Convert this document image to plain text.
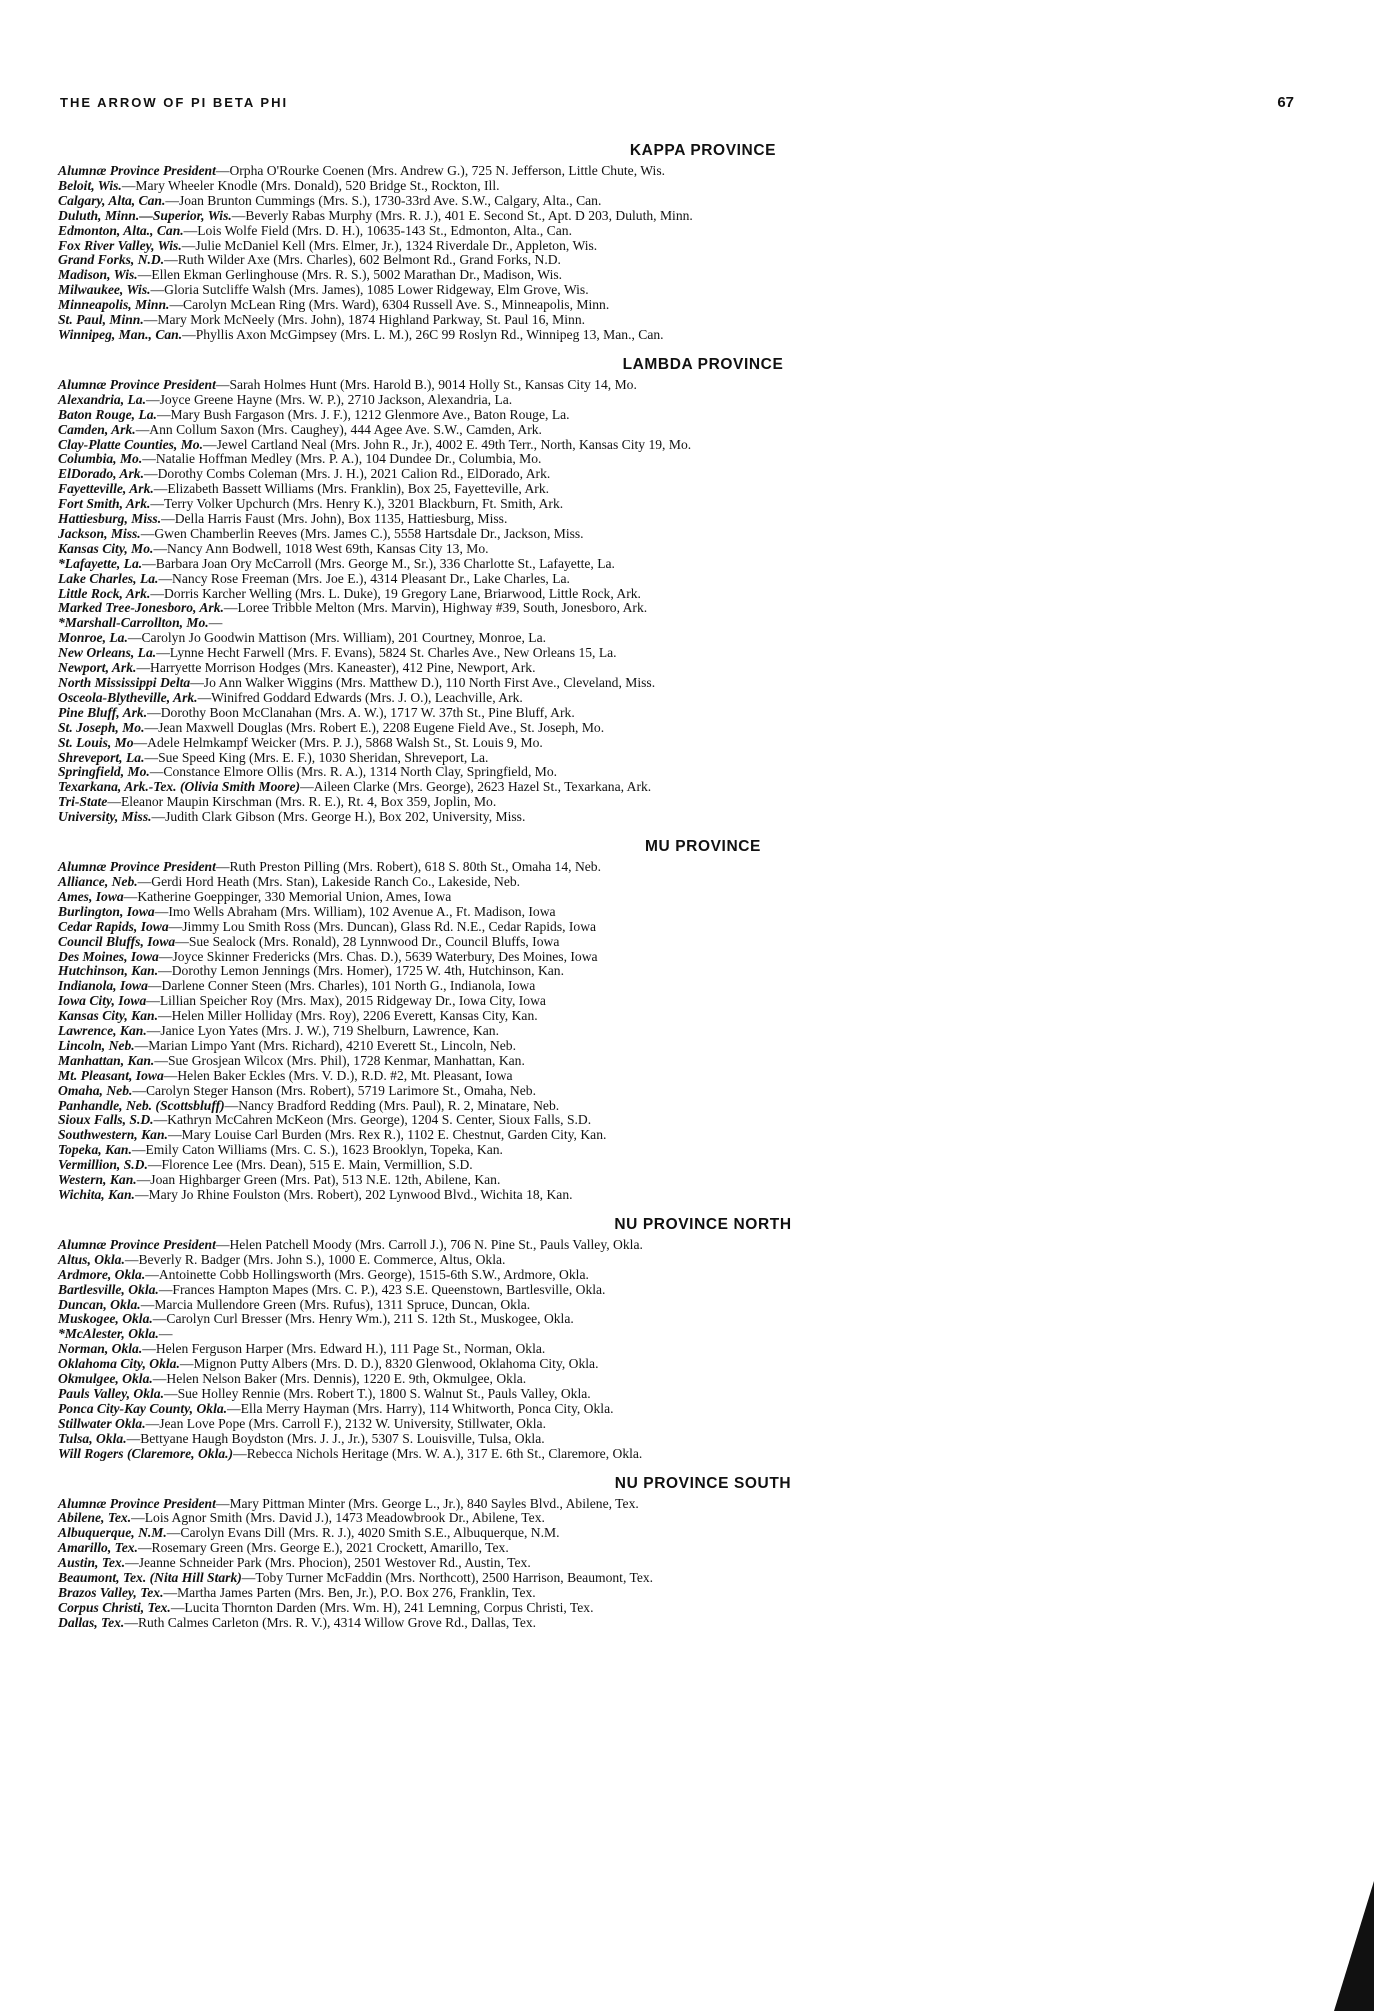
THE ARROW OF PI BETA PHI	67
KAPPA PROVINCE
Alumnæ Province President—Orpha O'Rourke Coenen (Mrs. Andrew G.), 725 N. Jefferson, Little Chute, Wis.
Beloit, Wis.—Mary Wheeler Knodle (Mrs. Donald), 520 Bridge St., Rockton, Ill.
Calgary, Alta, Can.—Joan Brunton Cummings (Mrs. S.), 1730-33rd Ave. S.W., Calgary, Alta., Can.
Duluth, Minn.—Superior, Wis.—Beverly Rabas Murphy (Mrs. R. J.), 401 E. Second St., Apt. D 203, Duluth, Minn.
Edmonton, Alta., Can.—Lois Wolfe Field (Mrs. D. H.), 10635-143 St., Edmonton, Alta., Can.
Fox River Valley, Wis.—Julie McDaniel Kell (Mrs. Elmer, Jr.), 1324 Riverdale Dr., Appleton, Wis.
Grand Forks, N.D.—Ruth Wilder Axe (Mrs. Charles), 602 Belmont Rd., Grand Forks, N.D.
Madison, Wis.—Ellen Ekman Gerlinghouse (Mrs. R. S.), 5002 Marathan Dr., Madison, Wis.
Milwaukee, Wis.—Gloria Sutcliffe Walsh (Mrs. James), 1085 Lower Ridgeway, Elm Grove, Wis.
Minneapolis, Minn.—Carolyn McLean Ring (Mrs. Ward), 6304 Russell Ave. S., Minneapolis, Minn.
St. Paul, Minn.—Mary Mork McNeely (Mrs. John), 1874 Highland Parkway, St. Paul 16, Minn.
Winnipeg, Man., Can.—Phyllis Axon McGimpsey (Mrs. L. M.), 26C 99 Roslyn Rd., Winnipeg 13, Man., Can.
LAMBDA PROVINCE
Alumnæ Province President—Sarah Holmes Hunt (Mrs. Harold B.), 9014 Holly St., Kansas City 14, Mo.
Alexandria, La.—Joyce Greene Hayne (Mrs. W. P.), 2710 Jackson, Alexandria, La.
Baton Rouge, La.—Mary Bush Fargason (Mrs. J. F.), 1212 Glenmore Ave., Baton Rouge, La.
Camden, Ark.—Ann Collum Saxon (Mrs. Caughey), 444 Agee Ave. S.W., Camden, Ark.
Clay-Platte Counties, Mo.—Jewel Cartland Neal (Mrs. John R., Jr.), 4002 E. 49th Terr., North, Kansas City 19, Mo.
Columbia, Mo.—Natalie Hoffman Medley (Mrs. P. A.), 104 Dundee Dr., Columbia, Mo.
ElDorado, Ark.—Dorothy Combs Coleman (Mrs. J. H.), 2021 Calion Rd., ElDorado, Ark.
Fayetteville, Ark.—Elizabeth Bassett Williams (Mrs. Franklin), Box 25, Fayetteville, Ark.
Fort Smith, Ark.—Terry Volker Upchurch (Mrs. Henry K.), 3201 Blackburn, Ft. Smith, Ark.
Hattiesburg, Miss.—Della Harris Faust (Mrs. John), Box 1135, Hattiesburg, Miss.
Jackson, Miss.—Gwen Chamberlin Reeves (Mrs. James C.), 5558 Hartsdale Dr., Jackson, Miss.
Kansas City, Mo.—Nancy Ann Bodwell, 1018 West 69th, Kansas City 13, Mo.
*Lafayette, La.—Barbara Joan Ory McCarroll (Mrs. George M., Sr.), 336 Charlotte St., Lafayette, La.
Lake Charles, La.—Nancy Rose Freeman (Mrs. Joe E.), 4314 Pleasant Dr., Lake Charles, La.
Little Rock, Ark.—Dorris Karcher Welling (Mrs. L. Duke), 19 Gregory Lane, Briarwood, Little Rock, Ark.
Marked Tree-Jonesboro, Ark.—Loree Tribble Melton (Mrs. Marvin), Highway #39, South, Jonesboro, Ark.
*Marshall-Carrollton, Mo.—
Monroe, La.—Carolyn Jo Goodwin Mattison (Mrs. William), 201 Courtney, Monroe, La.
New Orleans, La.—Lynne Hecht Farwell (Mrs. F. Evans), 5824 St. Charles Ave., New Orleans 15, La.
Newport, Ark.—Harryette Morrison Hodges (Mrs. Kaneaster), 412 Pine, Newport, Ark.
North Mississippi Delta—Jo Ann Walker Wiggins (Mrs. Matthew D.), 110 North First Ave., Cleveland, Miss.
Osceola-Blytheville, Ark.—Winifred Goddard Edwards (Mrs. J. O.), Leachville, Ark.
Pine Bluff, Ark.—Dorothy Boon McClanahan (Mrs. A. W.), 1717 W. 37th St., Pine Bluff, Ark.
St. Joseph, Mo.—Jean Maxwell Douglas (Mrs. Robert E.), 2208 Eugene Field Ave., St. Joseph, Mo.
St. Louis, Mo—Adele Helmkampf Weicker (Mrs. P. J.), 5868 Walsh St., St. Louis 9, Mo.
Shreveport, La.—Sue Speed King (Mrs. E. F.), 1030 Sheridan, Shreveport, La.
Springfield, Mo.—Constance Elmore Ollis (Mrs. R. A.), 1314 North Clay, Springfield, Mo.
Texarkana, Ark.-Tex. (Olivia Smith Moore)—Aileen Clarke (Mrs. George), 2623 Hazel St., Texarkana, Ark.
Tri-State—Eleanor Maupin Kirschman (Mrs. R. E.), Rt. 4, Box 359, Joplin, Mo.
University, Miss.—Judith Clark Gibson (Mrs. George H.), Box 202, University, Miss.
MU PROVINCE
Alumnæ Province President—Ruth Preston Pilling (Mrs. Robert), 618 S. 80th St., Omaha 14, Neb.
Alliance, Neb.—Gerdi Hord Heath (Mrs. Stan), Lakeside Ranch Co., Lakeside, Neb.
Ames, Iowa—Katherine Goeppinger, 330 Memorial Union, Ames, Iowa
Burlington, Iowa—Imo Wells Abraham (Mrs. William), 102 Avenue A., Ft. Madison, Iowa
Cedar Rapids, Iowa—Jimmy Lou Smith Ross (Mrs. Duncan), Glass Rd. N.E., Cedar Rapids, Iowa
Council Bluffs, Iowa—Sue Sealock (Mrs. Ronald), 28 Lynnwood Dr., Council Bluffs, Iowa
Des Moines, Iowa—Joyce Skinner Fredericks (Mrs. Chas. D.), 5639 Waterbury, Des Moines, Iowa
Hutchinson, Kan.—Dorothy Lemon Jennings (Mrs. Homer), 1725 W. 4th, Hutchinson, Kan.
Indianola, Iowa—Darlene Conner Steen (Mrs. Charles), 101 North G., Indianola, Iowa
Iowa City, Iowa—Lillian Speicher Roy (Mrs. Max), 2015 Ridgeway Dr., Iowa City, Iowa
Kansas City, Kan.—Helen Miller Holliday (Mrs. Roy), 2206 Everett, Kansas City, Kan.
Lawrence, Kan.—Janice Lyon Yates (Mrs. J. W.), 719 Shelburn, Lawrence, Kan.
Lincoln, Neb.—Marian Limpo Yant (Mrs. Richard), 4210 Everett St., Lincoln, Neb.
Manhattan, Kan.—Sue Grosjean Wilcox (Mrs. Phil), 1728 Kenmar, Manhattan, Kan.
Mt. Pleasant, Iowa—Helen Baker Eckles (Mrs. V. D.), R.D. #2, Mt. Pleasant, Iowa
Omaha, Neb.—Carolyn Steger Hanson (Mrs. Robert), 5719 Larimore St., Omaha, Neb.
Panhandle, Neb. (Scottsbluff)—Nancy Bradford Redding (Mrs. Paul), R. 2, Minatare, Neb.
Sioux Falls, S.D.—Kathryn McCahren McKeon (Mrs. George), 1204 S. Center, Sioux Falls, S.D.
Southwestern, Kan.—Mary Louise Carl Burden (Mrs. Rex R.), 1102 E. Chestnut, Garden City, Kan.
Topeka, Kan.—Emily Caton Williams (Mrs. C. S.), 1623 Brooklyn, Topeka, Kan.
Vermillion, S.D.—Florence Lee (Mrs. Dean), 515 E. Main, Vermillion, S.D.
Western, Kan.—Joan Highbarger Green (Mrs. Pat), 513 N.E. 12th, Abilene, Kan.
Wichita, Kan.—Mary Jo Rhine Foulston (Mrs. Robert), 202 Lynwood Blvd., Wichita 18, Kan.
NU PROVINCE NORTH
Alumnæ Province President—Helen Patchell Moody (Mrs. Carroll J.), 706 N. Pine St., Pauls Valley, Okla.
Altus, Okla.—Beverly R. Badger (Mrs. John S.), 1000 E. Commerce, Altus, Okla.
Ardmore, Okla.—Antoinette Cobb Hollingsworth (Mrs. George), 1515-6th S.W., Ardmore, Okla.
Bartlesville, Okla.—Frances Hampton Mapes (Mrs. C. P.), 423 S.E. Queenstown, Bartlesville, Okla.
Duncan, Okla.—Marcia Mullendore Green (Mrs. Rufus), 1311 Spruce, Duncan, Okla.
Muskogee, Okla.—Carolyn Curl Bresser (Mrs. Henry Wm.), 211 S. 12th St., Muskogee, Okla.
*McAlester, Okla.—
Norman, Okla.—Helen Ferguson Harper (Mrs. Edward H.), 111 Page St., Norman, Okla.
Oklahoma City, Okla.—Mignon Putty Albers (Mrs. D. D.), 8320 Glenwood, Oklahoma City, Okla.
Okmulgee, Okla.—Helen Nelson Baker (Mrs. Dennis), 1220 E. 9th, Okmulgee, Okla.
Pauls Valley, Okla.—Sue Holley Rennie (Mrs. Robert T.), 1800 S. Walnut St., Pauls Valley, Okla.
Ponca City-Kay County, Okla.—Ella Merry Hayman (Mrs. Harry), 114 Whitworth, Ponca City, Okla.
Stillwater Okla.—Jean Love Pope (Mrs. Carroll F.), 2132 W. University, Stillwater, Okla.
Tulsa, Okla.—Bettyane Haugh Boydston (Mrs. J. J., Jr.), 5307 S. Louisville, Tulsa, Okla.
Will Rogers (Claremore, Okla.)—Rebecca Nichols Heritage (Mrs. W. A.), 317 E. 6th St., Claremore, Okla.
NU PROVINCE SOUTH
Alumnæ Province President—Mary Pittman Minter (Mrs. George L., Jr.), 840 Sayles Blvd., Abilene, Tex.
Abilene, Tex.—Lois Agnor Smith (Mrs. David J.), 1473 Meadowbrook Dr., Abilene, Tex.
Albuquerque, N.M.—Carolyn Evans Dill (Mrs. R. J.), 4020 Smith S.E., Albuquerque, N.M.
Amarillo, Tex.—Rosemary Green (Mrs. George E.), 2021 Crockett, Amarillo, Tex.
Austin, Tex.—Jeanne Schneider Park (Mrs. Phocion), 2501 Westover Rd., Austin, Tex.
Beaumont, Tex. (Nita Hill Stark)—Toby Turner McFaddin (Mrs. Northcott), 2500 Harrison, Beaumont, Tex.
Brazos Valley, Tex.—Martha James Parten (Mrs. Ben, Jr.), P.O. Box 276, Franklin, Tex.
Corpus Christi, Tex.—Lucita Thornton Darden (Mrs. Wm. H), 241 Lemning, Corpus Christi, Tex.
Dallas, Tex.—Ruth Calmes Carleton (Mrs. R. V.), 4314 Willow Grove Rd., Dallas, Tex.
